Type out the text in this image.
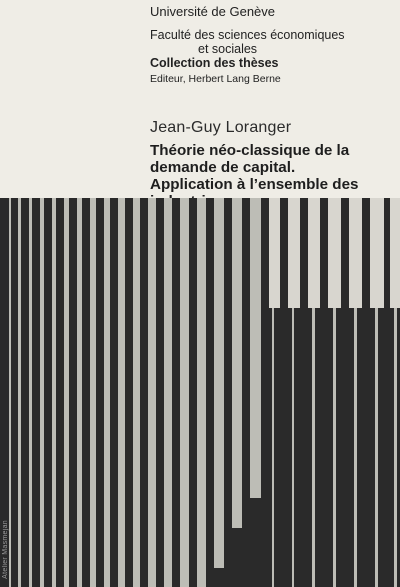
Université de Genève
Faculté des sciences économiques
et sociales
Collection des thèses
Editeur, Herbert Lang Berne
Jean-Guy Loranger
Théorie néo-classique de la demande de capital.
Application à l’ensemble des
Atelier Masmejan
